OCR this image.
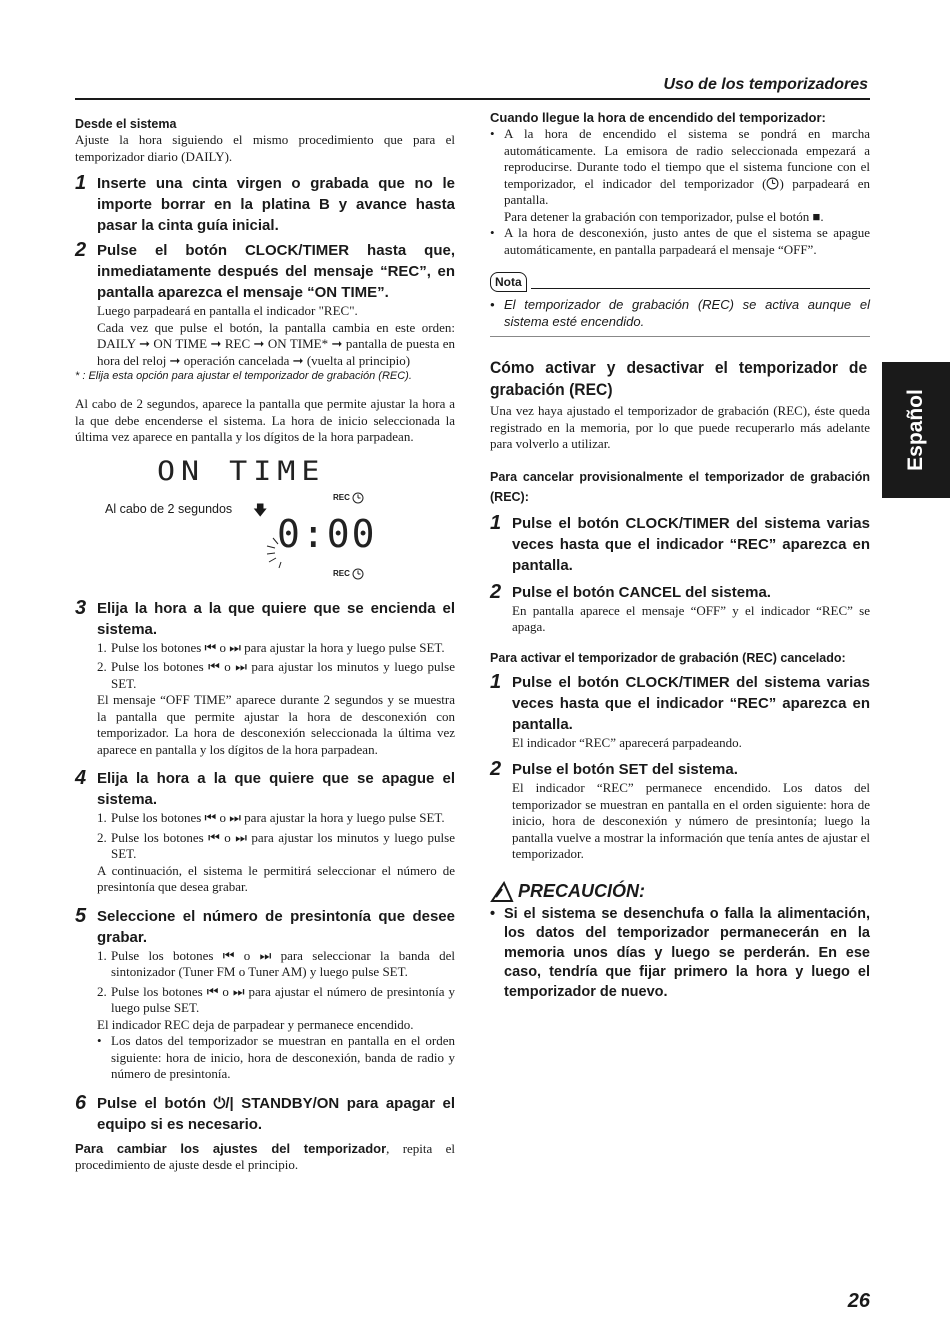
Uso de los temporizadores
Español

Desde el sistema

Ajuste la hora siguiendo el mismo procedimiento que para el temporizador diario (DAILY).

1 Inserte una cinta virgen o grabada que no le importe borrar en la platina B y avance hasta pasar la cinta guía inicial.

2 Pulse el botón CLOCK/TIMER hasta que, inmediatamente después del mensaje “REC”, en pantalla aparezca el mensaje “ON TIME”.

Luego parpadeará en pantalla el indicador "REC".

Cada vez que pulse el botón, la pantalla cambia en este orden: DAILY ➞ ON TIME ➞ REC ➞ ON TIME* ➞ pantalla de puesta en hora del reloj ➞ operación cancelada ➞ (vuelta al principio)

* : Elija esta opción para ajustar el temporizador de grabación (REC).

Al cabo de 2 segundos, aparece la pantalla que permite ajustar la hora a la que debe encenderse el sistema. La hora de inicio seleccionada la última vez aparece en pantalla y los dígitos de la hora parpadean.

ON TIME
Al cabo de 2 segundos 🡇
0:00
REC
REC
3 Elija la hora a la que quiere que se encienda el sistema.

1. Pulse los botones ⏮ o ⏭ para ajustar la hora y luego pulse SET.
2. Pulse los botones ⏮ o ⏭ para ajustar los minutos y luego pulse SET.

El mensaje “OFF TIME” aparece durante 2 segundos y se muestra la pantalla que permite ajustar la hora de desconexión con temporizador. La hora de desconexión seleccionada la última vez aparece en pantalla y los dígitos de la hora parpadean.

4 Elija la hora a la que quiere que se apague el sistema.

1. Pulse los botones ⏮ o ⏭ para ajustar la hora y luego pulse SET.
2. Pulse los botones ⏮ o ⏭ para ajustar los minutos y luego pulse SET.

A continuación, el sistema le permitirá seleccionar el número de presintonía que desea grabar.

5 Seleccione el número de presintonía que desee grabar.

1. Pulse los botones ⏮ o ⏭ para seleccionar la banda del sintonizador (Tuner FM o Tuner AM) y luego pulse SET.
2. Pulse los botones ⏮ o ⏭ para ajustar el número de presintonía y luego pulse SET.

El indicador REC deja de parpadear y permanece encendido.

• Los datos del temporizador se muestran en pantalla en el orden siguiente: hora de inicio, hora de desconexión, banda de radio y número de presintonía.
6 Pulse el botón ⏻/| STANDBY/ON para apagar el equipo si es necesario.

Para cambiar los ajustes del temporizador, repita el procedimiento de ajuste desde el principio.

Cuando llegue la hora de encendido del temporizador:

• A la hora de encendido el sistema se pondrá en marcha automáticamente. La emisora de radio seleccionada empezará a reproducirse. Durante todo el tiempo que el sistema funcione con el temporizador, el indicador del temporizador ( ) parpadeará en pantalla.
Para detener la grabación con temporizador, pulse el botón ■.
• A la hora de desconexión, justo antes de que el sistema se apague automáticamente, en pantalla parpadeará el mensaje “OFF”.
Nota
• El temporizador de grabación (REC) se activa aunque el sistema esté encendido.

Cómo activar y desactivar el temporizador de grabación (REC)

Una vez haya ajustado el temporizador de grabación (REC), éste queda registrado en la memoria, por lo que puede recuperarlo más adelante para volverlo a utilizar.

Para cancelar provisionalmente el temporizador de grabación (REC):

1 Pulse el botón CLOCK/TIMER del sistema varias veces hasta que el indicador “REC” aparezca en pantalla.

2 Pulse el botón CANCEL del sistema.

En pantalla aparece el mensaje “OFF” y el indicador “REC” se apaga.

Para activar el temporizador de grabación (REC) cancelado:

1 Pulse el botón CLOCK/TIMER del sistema varias veces hasta que el indicador “REC” aparezca en pantalla.

El indicador “REC” aparecerá parpadeando.

2 Pulse el botón SET del sistema.

El indicador “REC” permanece encendido. Los datos del temporizador se muestran en pantalla en el orden siguiente: hora de inicio, hora de desconexión y número de presintonía; luego la pantalla vuelve a mostrar la información que tenía antes de ajustar el temporizador.

PRECAUCIÓN:
• Si el sistema se desenchufa o falla la alimentación, los datos del temporizador permanecerán en la memoria unos días y luego se perderán. En ese caso, tendría que fijar primero la hora y luego el temporizador de nuevo.
26
